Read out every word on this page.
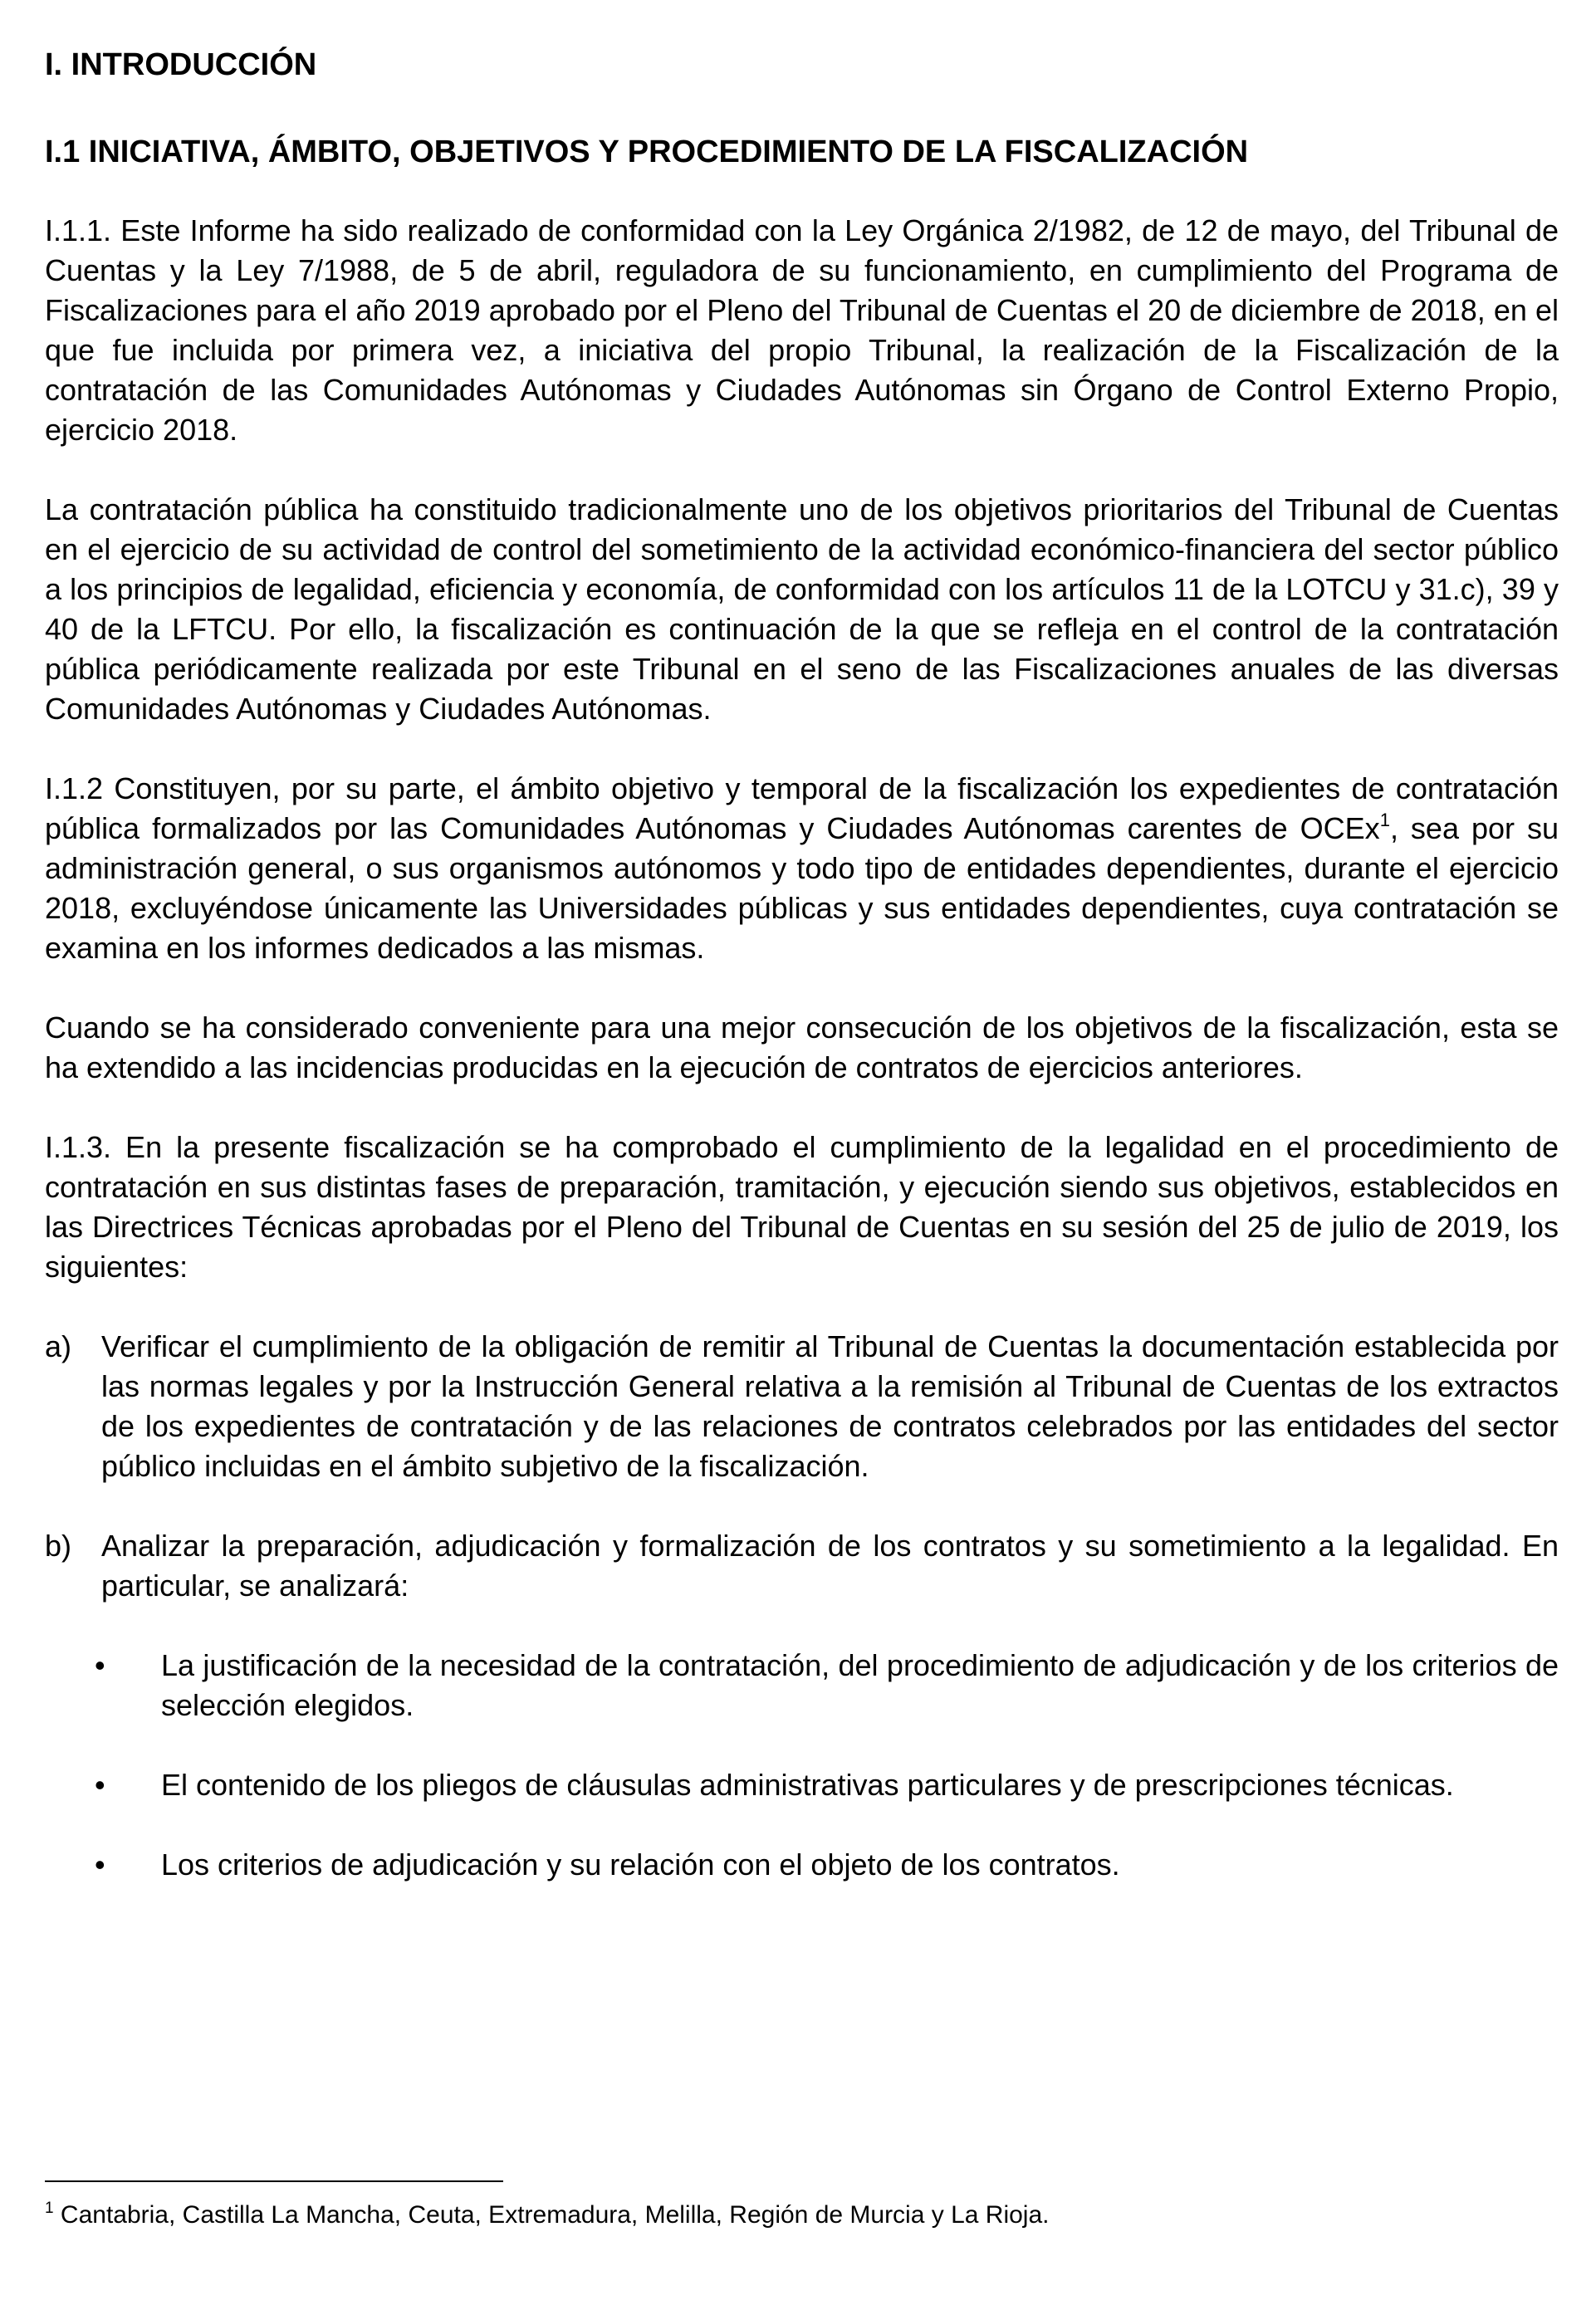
I. INTRODUCCIÓN
I.1 INICIATIVA, ÁMBITO, OBJETIVOS Y PROCEDIMIENTO DE LA FISCALIZACIÓN

I.1.1. Este Informe ha sido realizado de conformidad con la Ley Orgánica 2/1982, de 12 de mayo, del Tribunal de Cuentas y la Ley 7/1988, de 5 de abril, reguladora de su funcionamiento, en cumplimiento del Programa de Fiscalizaciones para el año 2019 aprobado por el Pleno del Tribunal de Cuentas el 20 de diciembre de 2018, en el que fue incluida por primera vez, a iniciativa del propio Tribunal, la realización de la Fiscalización de la contratación de las Comunidades Autónomas y Ciudades Autónomas sin Órgano de Control Externo Propio, ejercicio 2018.

La contratación pública ha constituido tradicionalmente uno de los objetivos prioritarios del Tribunal de Cuentas en el ejercicio de su actividad de control del sometimiento de la actividad económico-financiera del sector público a los principios de legalidad, eficiencia y economía, de conformidad con los artículos 11 de la LOTCU y 31.c), 39 y 40 de la LFTCU. Por ello, la fiscalización es continuación de la que se refleja en el control de la contratación pública periódicamente realizada por este Tribunal en el seno de las Fiscalizaciones anuales de las diversas Comunidades Autónomas y Ciudades Autónomas.

I.1.2 Constituyen, por su parte, el ámbito objetivo y temporal de la fiscalización los expedientes de contratación pública formalizados por las Comunidades Autónomas y Ciudades Autónomas carentes de OCEx$^1$, sea por su administración general, o sus organismos autónomos y todo tipo de entidades dependientes, durante el ejercicio 2018, excluyéndose únicamente las Universidades públicas y sus entidades dependientes, cuya contratación se examina en los informes dedicados a las mismas.

Cuando se ha considerado conveniente para una mejor consecución de los objetivos de la fiscalización, esta se ha extendido a las incidencias producidas en la ejecución de contratos de ejercicios anteriores.

I.1.3. En la presente fiscalización se ha comprobado el cumplimiento de la legalidad en el procedimiento de contratación en sus distintas fases de preparación, tramitación, y ejecución siendo sus objetivos, establecidos en las Directrices Técnicas aprobadas por el Pleno del Tribunal de Cuentas en su sesión del 25 de julio de 2019, los siguientes:

a) Verificar el cumplimiento de la obligación de remitir al Tribunal de Cuentas la documentación establecida por las normas legales y por la Instrucción General relativa a la remisión al Tribunal de Cuentas de los extractos de los expedientes de contratación y de las relaciones de contratos celebrados por las entidades del sector público incluidas en el ámbito subjetivo de la fiscalización.
b) Analizar la preparación, adjudicación y formalización de los contratos y su sometimiento a la legalidad. En particular, se analizará:
• La justificación de la necesidad de la contratación, del procedimiento de adjudicación y de los criterios de selección elegidos.
• El contenido de los pliegos de cláusulas administrativas particulares y de prescripciones técnicas.
• Los criterios de adjudicación y su relación con el objeto de los contratos.
$^1$ Cantabria, Castilla La Mancha, Ceuta, Extremadura, Melilla, Región de Murcia y La Rioja.
